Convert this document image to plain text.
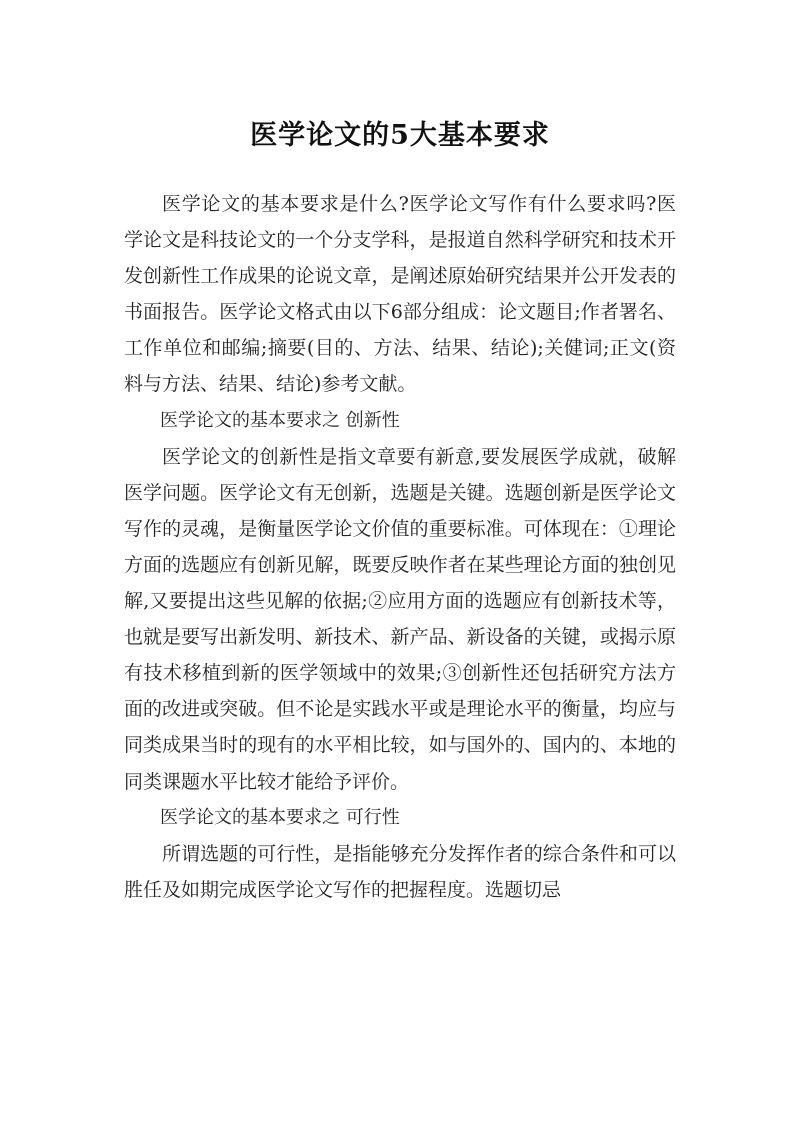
医学论文的5大基本要求

医学论文的基本要求是什么?医学论文写作有什么要求吗?医学论文是科技论文的一个分支学科，是报道自然科学研究和技术开发创新性工作成果的论说文章，是阐述原始研究结果并公开发表的书面报告。医学论文格式由以下6部分组成：论文题目;作者署名、工作单位和邮编;摘要(目的、方法、结果、结论);关健词;正文(资料与方法、结果、结论)参考文献。

医学论文的基本要求之 创新性

医学论文的创新性是指文章要有新意,要发展医学成就，破解医学问题。医学论文有无创新，选题是关键。选题创新是医学论文写作的灵魂，是衡量医学论文价值的重要标准。可体现在：①理论方面的选题应有创新见解，既要反映作者在某些理论方面的独创见解,又要提出这些见解的依据;②应用方面的选题应有创新技术等，也就是要写出新发明、新技术、新产品、新设备的关键，或揭示原有技术移植到新的医学领域中的效果;③创新性还包括研究方法方面的改进或突破。但不论是实践水平或是理论水平的衡量，均应与同类成果当时的现有的水平相比较，如与国外的、国内的、本地的同类课题水平比较才能给予评价。

医学论文的基本要求之 可行性

所谓选题的可行性，是指能够充分发挥作者的综合条件和可以胜任及如期完成医学论文写作的把握程度。选题切忌
